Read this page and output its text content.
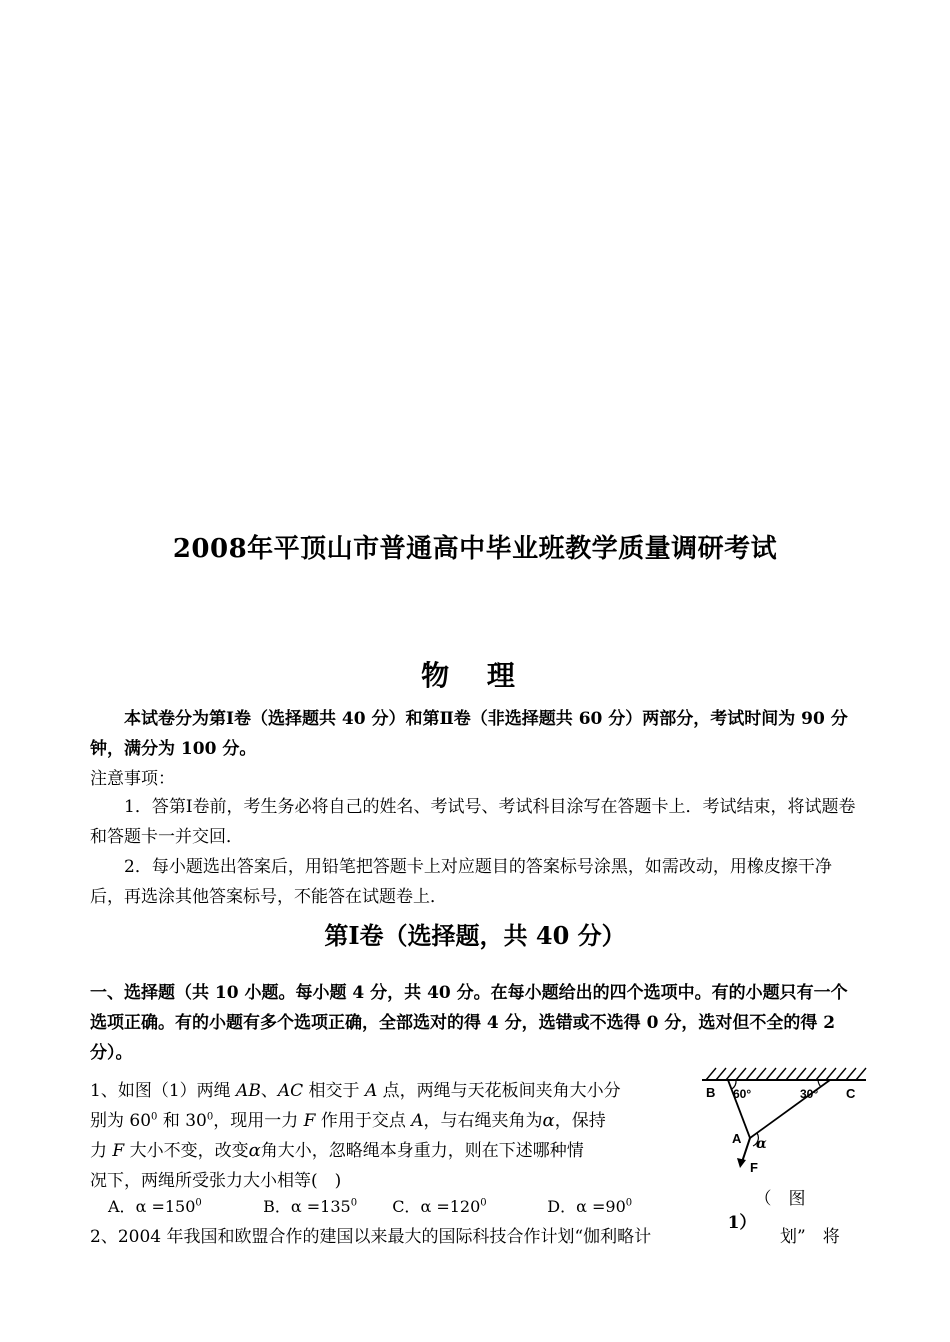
2008年平顶山市普通高中毕业班教学质量调研考试
物 理
本试卷分为第Ⅰ卷（选择题共 40 分）和第Ⅱ卷（非选择题共 60 分）两部分，考试时间为 90 分钟，满分为 100 分。
注意事项：
1．答第Ⅰ卷前，考生务必将自己的姓名、考试号、考试科目涂写在答题卡上．考试结束，将试题卷和答题卡一并交回．
2．每小题选出答案后，用铅笔把答题卡上对应题目的答案标号涂黑，如需改动，用橡皮擦干净后，再选涂其他答案标号，不能答在试题卷上．
第Ⅰ卷（选择题，共 40 分）
一、选择题（共 10 小题。每小题 4 分，共 40 分。在每小题给出的四个选项中。有的小题只有一个选项正确。有的小题有多个选项正确，全部选对的得 4 分，选错或不选得 0 分，选对但不全的得 2 分）。
1、如图（1）两绳 AB、AC 相交于 A 点，两绳与天花板间夹角大小分
别为 $60^0$ 和 $30^0$，现用一力 F 作用于交点 A，与右绳夹角为α，保持
力 F 大小不变，改变α角大小，忽略绳本身重力，则在下述哪种情
况下，两绳所受张力大小相等(　)
A．$\alpha =150^0$	B．$\alpha =135^0$ C．$\alpha =120^0$	D．$\alpha =90^0$
B 60°	30° C
A α
F
（　图
1）
2、2004 年我国和欧盟合作的建国以来最大的国际科技合作计划“伽利略计	划”　将
